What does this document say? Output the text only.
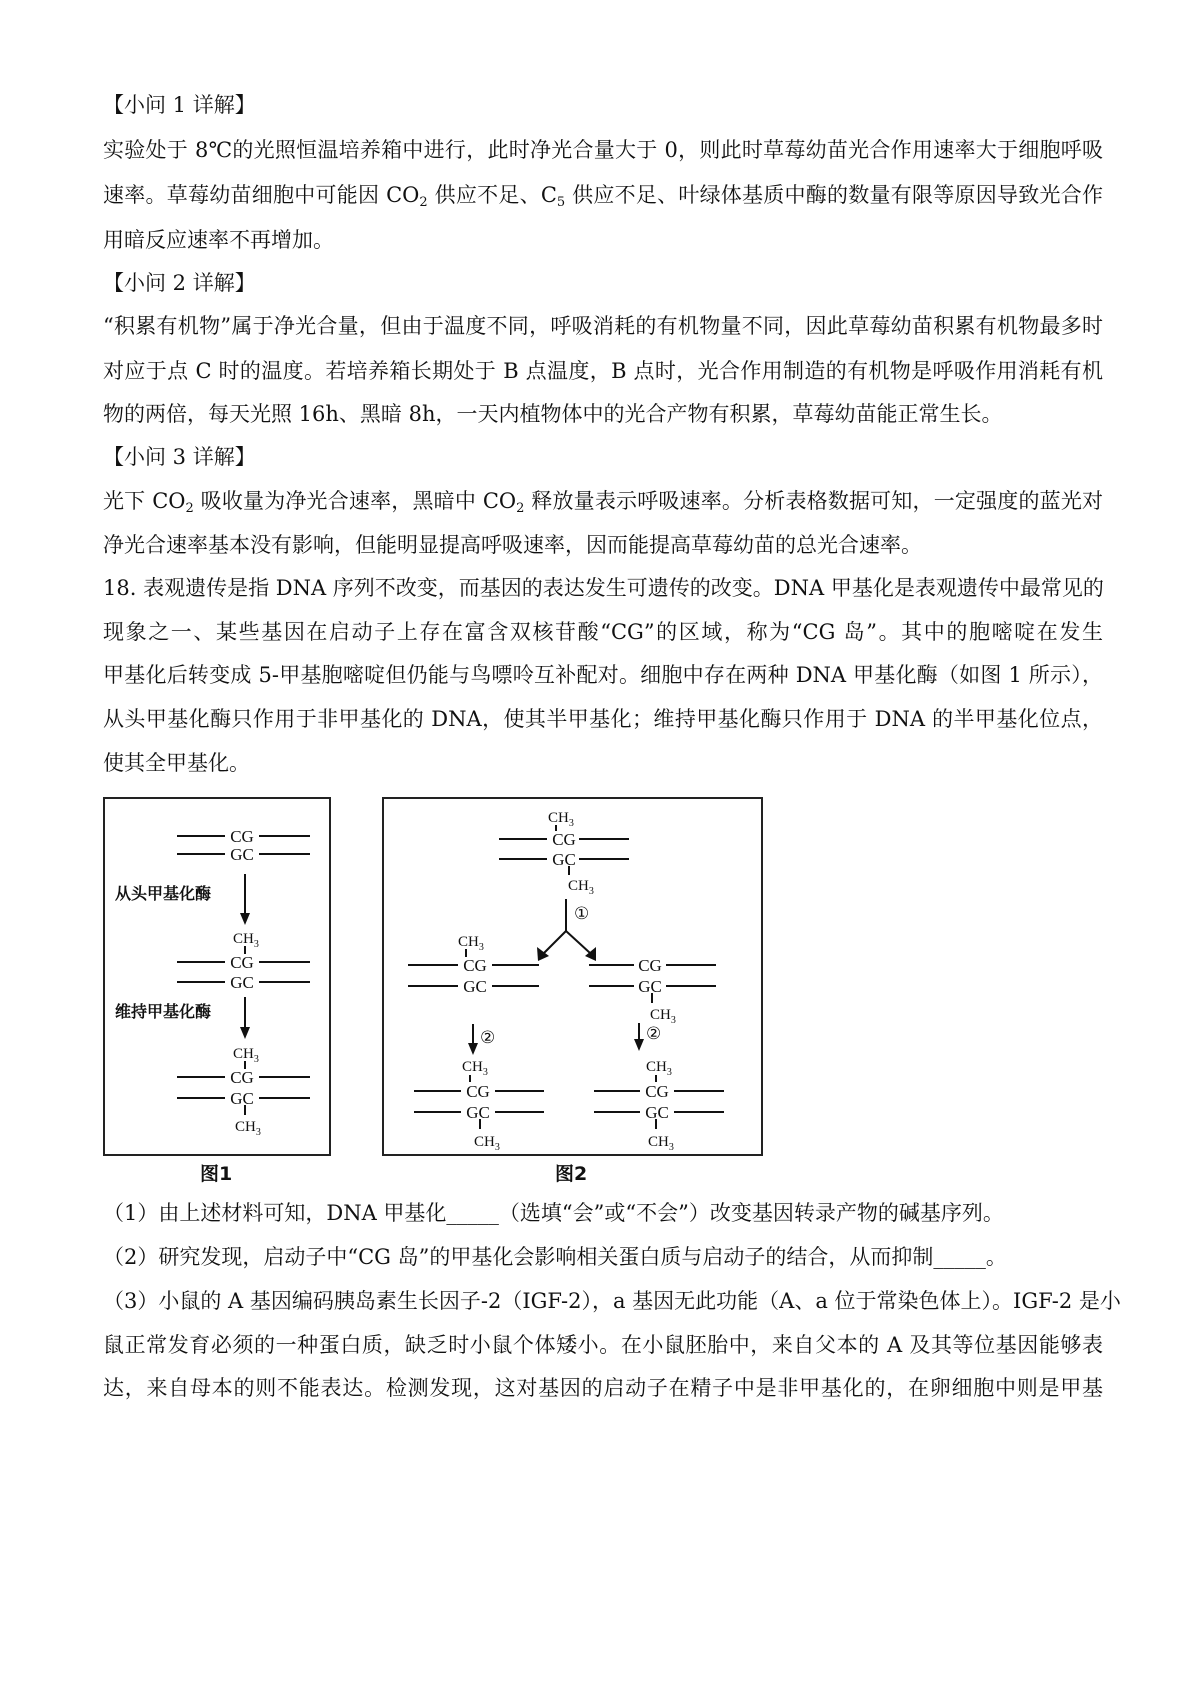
【小问 1 详解】
实验处于 8℃的光照恒温培养箱中进行，此时净光合量大于 0，则此时草莓幼苗光合作用速率大于细胞呼吸
速率。草莓幼苗细胞中可能因 $CO_2$ 供应不足、$C_5$ 供应不足、叶绿体基质中酶的数量有限等原因导致光合作
用暗反应速率不再增加。
【小问 2 详解】
“积累有机物”属于净光合量，但由于温度不同，呼吸消耗的有机物量不同，因此草莓幼苗积累有机物最多时
对应于点 C 时的温度。若培养箱长期处于 B 点温度，B 点时，光合作用制造的有机物是呼吸作用消耗有机
物的两倍，每天光照 16h、黑暗 8h，一天内植物体中的光合产物有积累，草莓幼苗能正常生长。
【小问 3 详解】
光下 $CO_2$ 吸收量为净光合速率，黑暗中 $CO_2$ 释放量表示呼吸速率。分析表格数据可知，一定强度的蓝光对
净光合速率基本没有影响，但能明显提高呼吸速率，因而能提高草莓幼苗的总光合速率。
18. 表观遗传是指 DNA 序列不改变，而基因的表达发生可遗传的改变。DNA 甲基化是表观遗传中最常见的
现象之一、某些基因在启动子上存在富含双核苷酸“CG”的区域，称为“CG 岛”。其中的胞嘧啶在发生
甲基化后转变成 5-甲基胞嘧啶但仍能与鸟嘌呤互补配对。细胞中存在两种 DNA 甲基化酶（如图 1 所示），
从头甲基化酶只作用于非甲基化的 DNA，使其半甲基化；维持甲基化酶只作用于 DNA 的半甲基化位点，
使其全甲基化。
CG
GC
CG
GC
CG
GC
$CH_3$
$CH_3$
$CH_3$
从头甲基化酶
维持甲基化酶
图1
CG
GC
CG
GC
CG
GC
CG
GC
CG
GC
$CH_3$
$CH_3$
$CH_3$
$CH_3$
$CH_3$
$CH_3$
$CH_3$
$CH_3$
①
②	②
图2
（1）由上述材料可知，DNA 甲基化_____（选填“会”或“不会”）改变基因转录产物的碱基序列。
（2）研究发现，启动子中“CG 岛”的甲基化会影响相关蛋白质与启动子的结合，从而抑制_____。
（3）小鼠的 A 基因编码胰岛素生长因子-2（IGF-2），a 基因无此功能（A、a 位于常染色体上）。IGF-2 是小
鼠正常发育必须的一种蛋白质，缺乏时小鼠个体矮小。在小鼠胚胎中，来自父本的 A 及其等位基因能够表
达，来自母本的则不能表达。检测发现，这对基因的启动子在精子中是非甲基化的，在卵细胞中则是甲基
